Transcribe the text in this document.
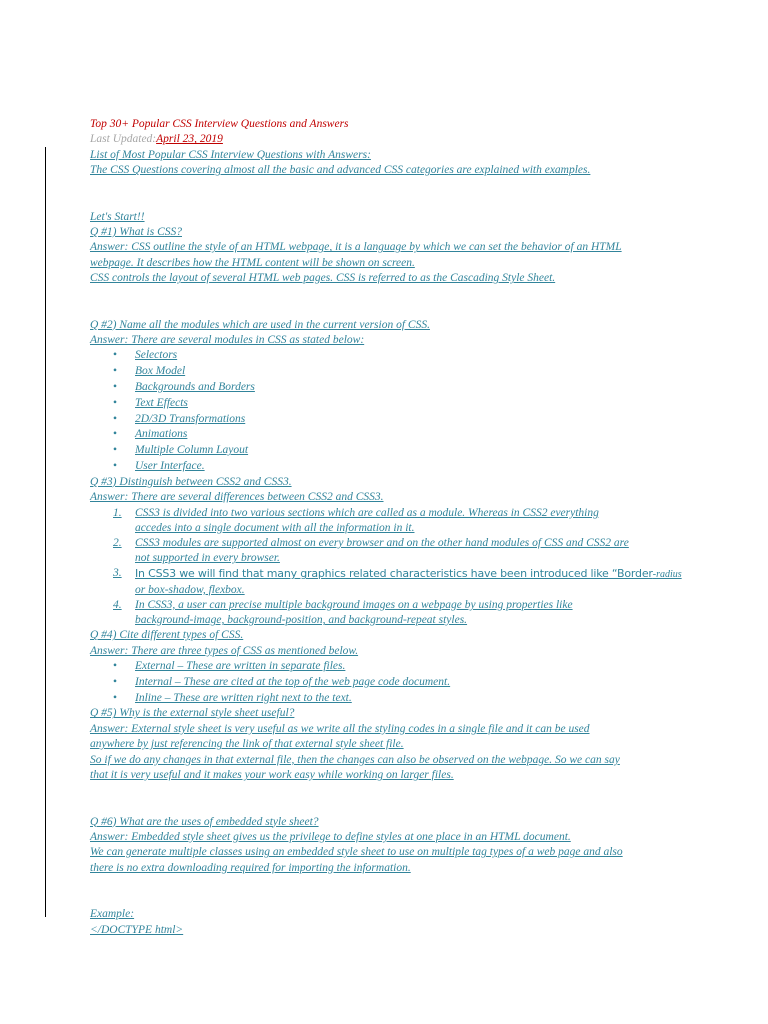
Top 30+ Popular CSS Interview Questions and Answers
Last Updated:April 23, 2019
List of Most Popular CSS Interview Questions with Answers:
The CSS Questions covering almost all the basic and advanced CSS categories are explained with examples.
Let's Start!!
Q #1) What is CSS?
Answer: CSS outline the style of an HTML webpage, it is a language by which we can set the behavior of an HTML
webpage. It describes how the HTML content will be shown on screen.
CSS controls the layout of several HTML web pages. CSS is referred to as the Cascading Style Sheet.
Q #2) Name all the modules which are used in the current version of CSS.
Answer: There are several modules in CSS as stated below:
• Selectors
• Box Model
• Backgrounds and Borders
• Text Effects
• 2D/3D Transformations
• Animations
• Multiple Column Layout
• User Interface.
Q #3) Distinguish between CSS2 and CSS3.
Answer: There are several differences between CSS2 and CSS3.
1. CSS3 is divided into two various sections which are called as a module. Whereas in CSS2 everything
accedes into a single document with all the information in it.
2. CSS3 modules are supported almost on every browser and on the other hand modules of CSS and CSS2 are
not supported in every browser.
3. In CSS3 we will find that many graphics related characteristics have been introduced like “Border-radius
or box-shadow, flexbox.
4. In CSS3, a user can precise multiple background images on a webpage by using properties like
background-image, background-position, and background-repeat styles.
Q #4) Cite different types of CSS.
Answer: There are three types of CSS as mentioned below.
• External – These are written in separate files.
• Internal – These are cited at the top of the web page code document.
• Inline – These are written right next to the text.
Q #5) Why is the external style sheet useful?
Answer: External style sheet is very useful as we write all the styling codes in a single file and it can be used
anywhere by just referencing the link of that external style sheet file.
So if we do any changes in that external file, then the changes can also be observed on the webpage. So we can say
that it is very useful and it makes your work easy while working on larger files.
Q #6) What are the uses of embedded style sheet?
Answer: Embedded style sheet gives us the privilege to define styles at one place in an HTML document.
We can generate multiple classes using an embedded style sheet to use on multiple tag types of a web page and also
there is no extra downloading required for importing the information.
Example:
</DOCTYPE html>
